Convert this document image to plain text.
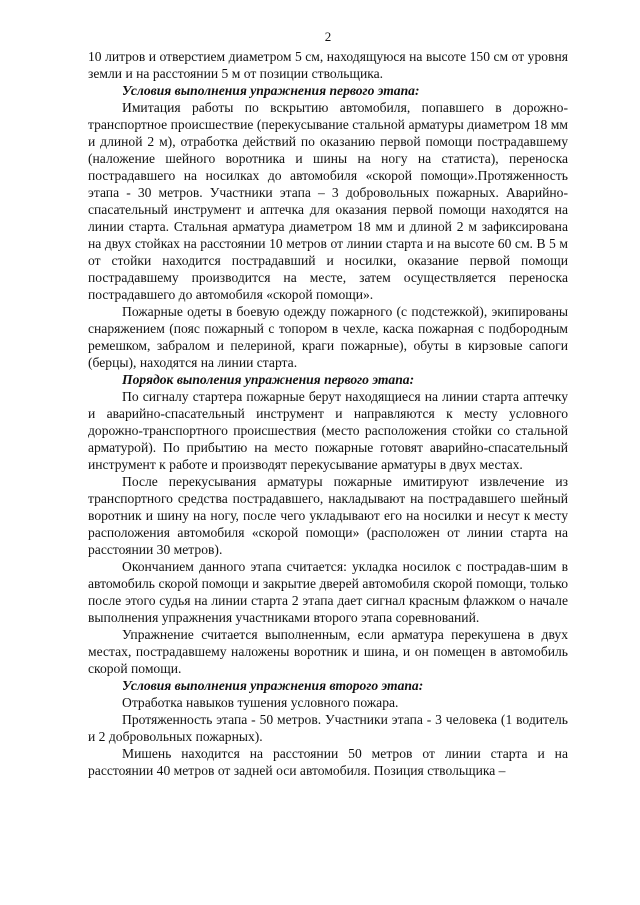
2

10 литров и отверстием диаметром 5 см, находящуюся на высоте 150 см от уровня земли и на расстоянии 5 м от позиции ствольщика.

Условия выполнения упражнения первого этапа:

Имитация работы по вскрытию автомобиля, попавшего в дорожно-транспортное происшествие (перекусывание стальной арматуры диаметром 18 мм и длиной 2 м), отработка действий по оказанию первой помощи пострадавшему (наложение шейного воротника и шины на ногу на статиста), переноска пострадавшего на носилках до автомобиля «скорой помощи».Протяженность этапа - 30 метров. Участники этапа – 3 добровольных пожарных. Аварийно-спасательный инструмент и аптечка для оказания первой помощи находятся на линии старта. Стальная арматура диаметром 18 мм и длиной 2 м зафиксирована на двух стойках на расстоянии 10 метров от линии старта и на высоте 60 см. В 5 м от стойки находится пострадавший и носилки, оказание первой помощи пострадавшему производится на месте, затем осуществляется переноска пострадавшего до автомобиля «скорой помощи».

Пожарные одеты в боевую одежду пожарного (с подстежкой), экипированы снаряжением (пояс пожарный с топором в чехле, каска пожарная с подбородным ремешком, забралом и пелериной, краги пожарные), обуты в кирзовые сапоги (берцы), находятся на линии старта.

Порядок выполения упражнения первого этапа:

По сигналу стартера пожарные берут находящиеся на линии старта аптечку и аварийно-спасательный инструмент и направляются к месту условного дорожно-транспортного происшествия (место расположения стойки со стальной арматурой). По прибытию на место пожарные готовят аварийно-спасательный инструмент к работе и производят перекусывание арматуры в двух местах.

После перекусывания арматуры пожарные имитируют извлечение из транспортного средства пострадавшего, накладывают на пострадавшего шейный воротник и шину на ногу, после чего укладывают его на носилки и несут к месту расположения автомобиля «скорой помощи» (расположен от линии старта на расстоянии 30 метров).

Окончанием данного этапа считается: укладка носилок с пострадав-шим в автомобиль скорой помощи и закрытие дверей автомобиля скорой помощи, только после этого судья на линии старта 2 этапа дает сигнал красным флажком о начале выполнения упражнения участниками второго этапа соревнований.

Упражнение считается выполненным, если арматура перекушена в двух местах, пострадавшему наложены воротник и шина, и он помещен в автомобиль скорой помощи.

Условия выполнения упражнения второго этапа:

Отработка навыков тушения условного пожара.

Протяженность этапа - 50 метров. Участники этапа - 3 человека (1 водитель и 2 добровольных пожарных).

Мишень находится на расстоянии 50 метров от линии старта и на расстоянии 40 метров от задней оси автомобиля. Позиция ствольщика –
